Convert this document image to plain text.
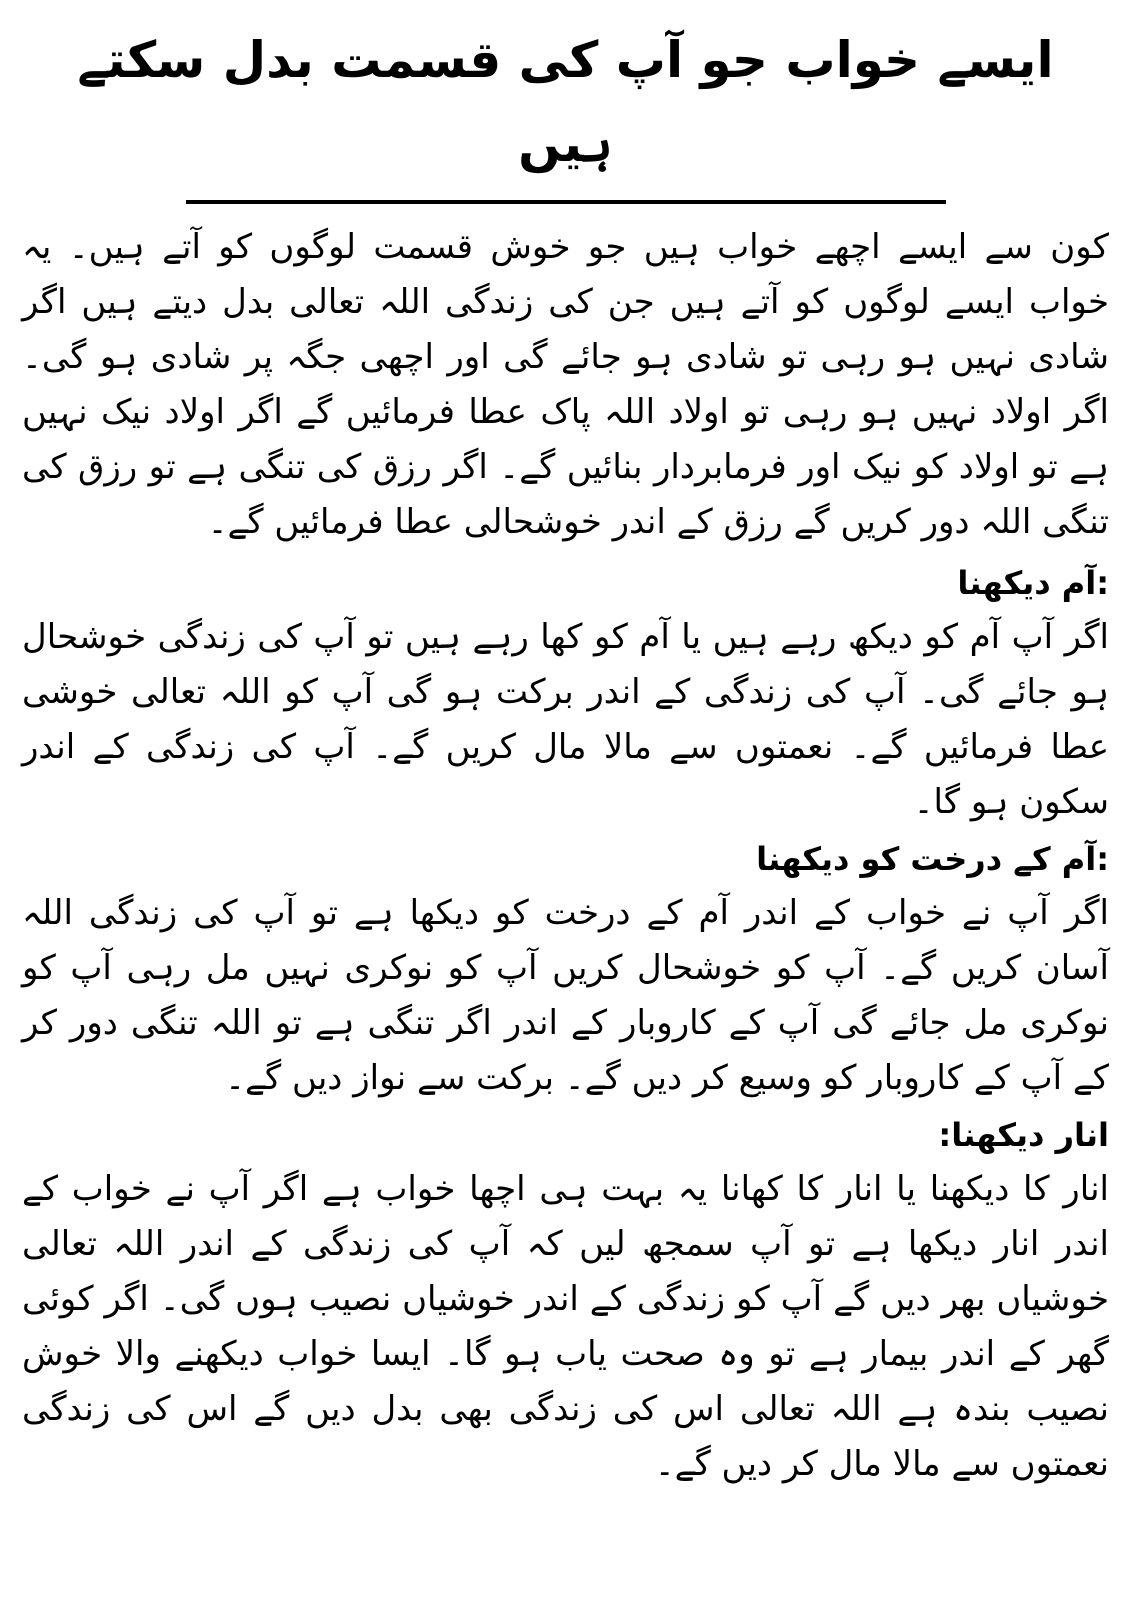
ایسے خواب جو آپ کی قسمت بدل سکتے ہیں

کون سے ایسے اچھے خواب ہیں جو خوش قسمت لوگوں کو آتے ہیں۔ یہ خواب ایسے لوگوں کو آتے ہیں جن کی زندگی اللہ تعالی بدل دیتے ہیں اگر شادی نہیں ہو رہی تو شادی ہو جائے گی اور اچھی جگہ پر شادی ہو گی۔ اگر اولاد نہیں ہو رہی تو اولاد اللہ پاک عطا فرمائیں گے اگر اولاد نیک نہیں ہے تو اولاد کو نیک اور فرمابردار بنائیں گے۔ اگر رزق کی تنگی ہے تو رزق کی تنگی اللہ دور کریں گے رزق کے اندر خوشحالی عطا فرمائیں گے۔

:آم دیکھنا

اگر آپ آم کو دیکھ رہے ہیں یا آم کو کھا رہے ہیں تو آپ کی زندگی خوشحال ہو جائے گی۔ آپ کی زندگی کے اندر برکت ہو گی آپ کو اللہ تعالی خوشی عطا فرمائیں گے۔ نعمتوں سے مالا مال کریں گے۔ آپ کی زندگی کے اندر سکون ہو گا۔

:آم کے درخت کو دیکھنا

اگر آپ نے خواب کے اندر آم کے درخت کو دیکھا ہے تو آپ کی زندگی اللہ آسان کریں گے۔ آپ کو خوشحال کریں آپ کو نوکری نہیں مل رہی آپ کو نوکری مل جائے گی آپ کے کاروبار کے اندر اگر تنگی ہے تو اللہ تنگی دور کر کے آپ کے کاروبار کو وسیع کر دیں گے۔ برکت سے نواز دیں گے۔

انار دیکھنا:

انار کا دیکھنا یا انار کا کھانا یہ بہت ہی اچھا خواب ہے اگر آپ نے خواب کے اندر انار دیکھا ہے تو آپ سمجھ لیں کہ آپ کی زندگی کے اندر اللہ تعالی خوشیاں بھر دیں گے آپ کو زندگی کے اندر خوشیاں نصیب ہوں گی۔ اگر کوئی گھر کے اندر بیمار ہے تو وہ صحت یاب ہو گا۔ ایسا خواب دیکھنے والا خوش نصیب بندہ ہے اللہ تعالی اس کی زندگی بھی بدل دیں گے اس کی زندگی نعمتوں سے مالا مال کر دیں گے۔
